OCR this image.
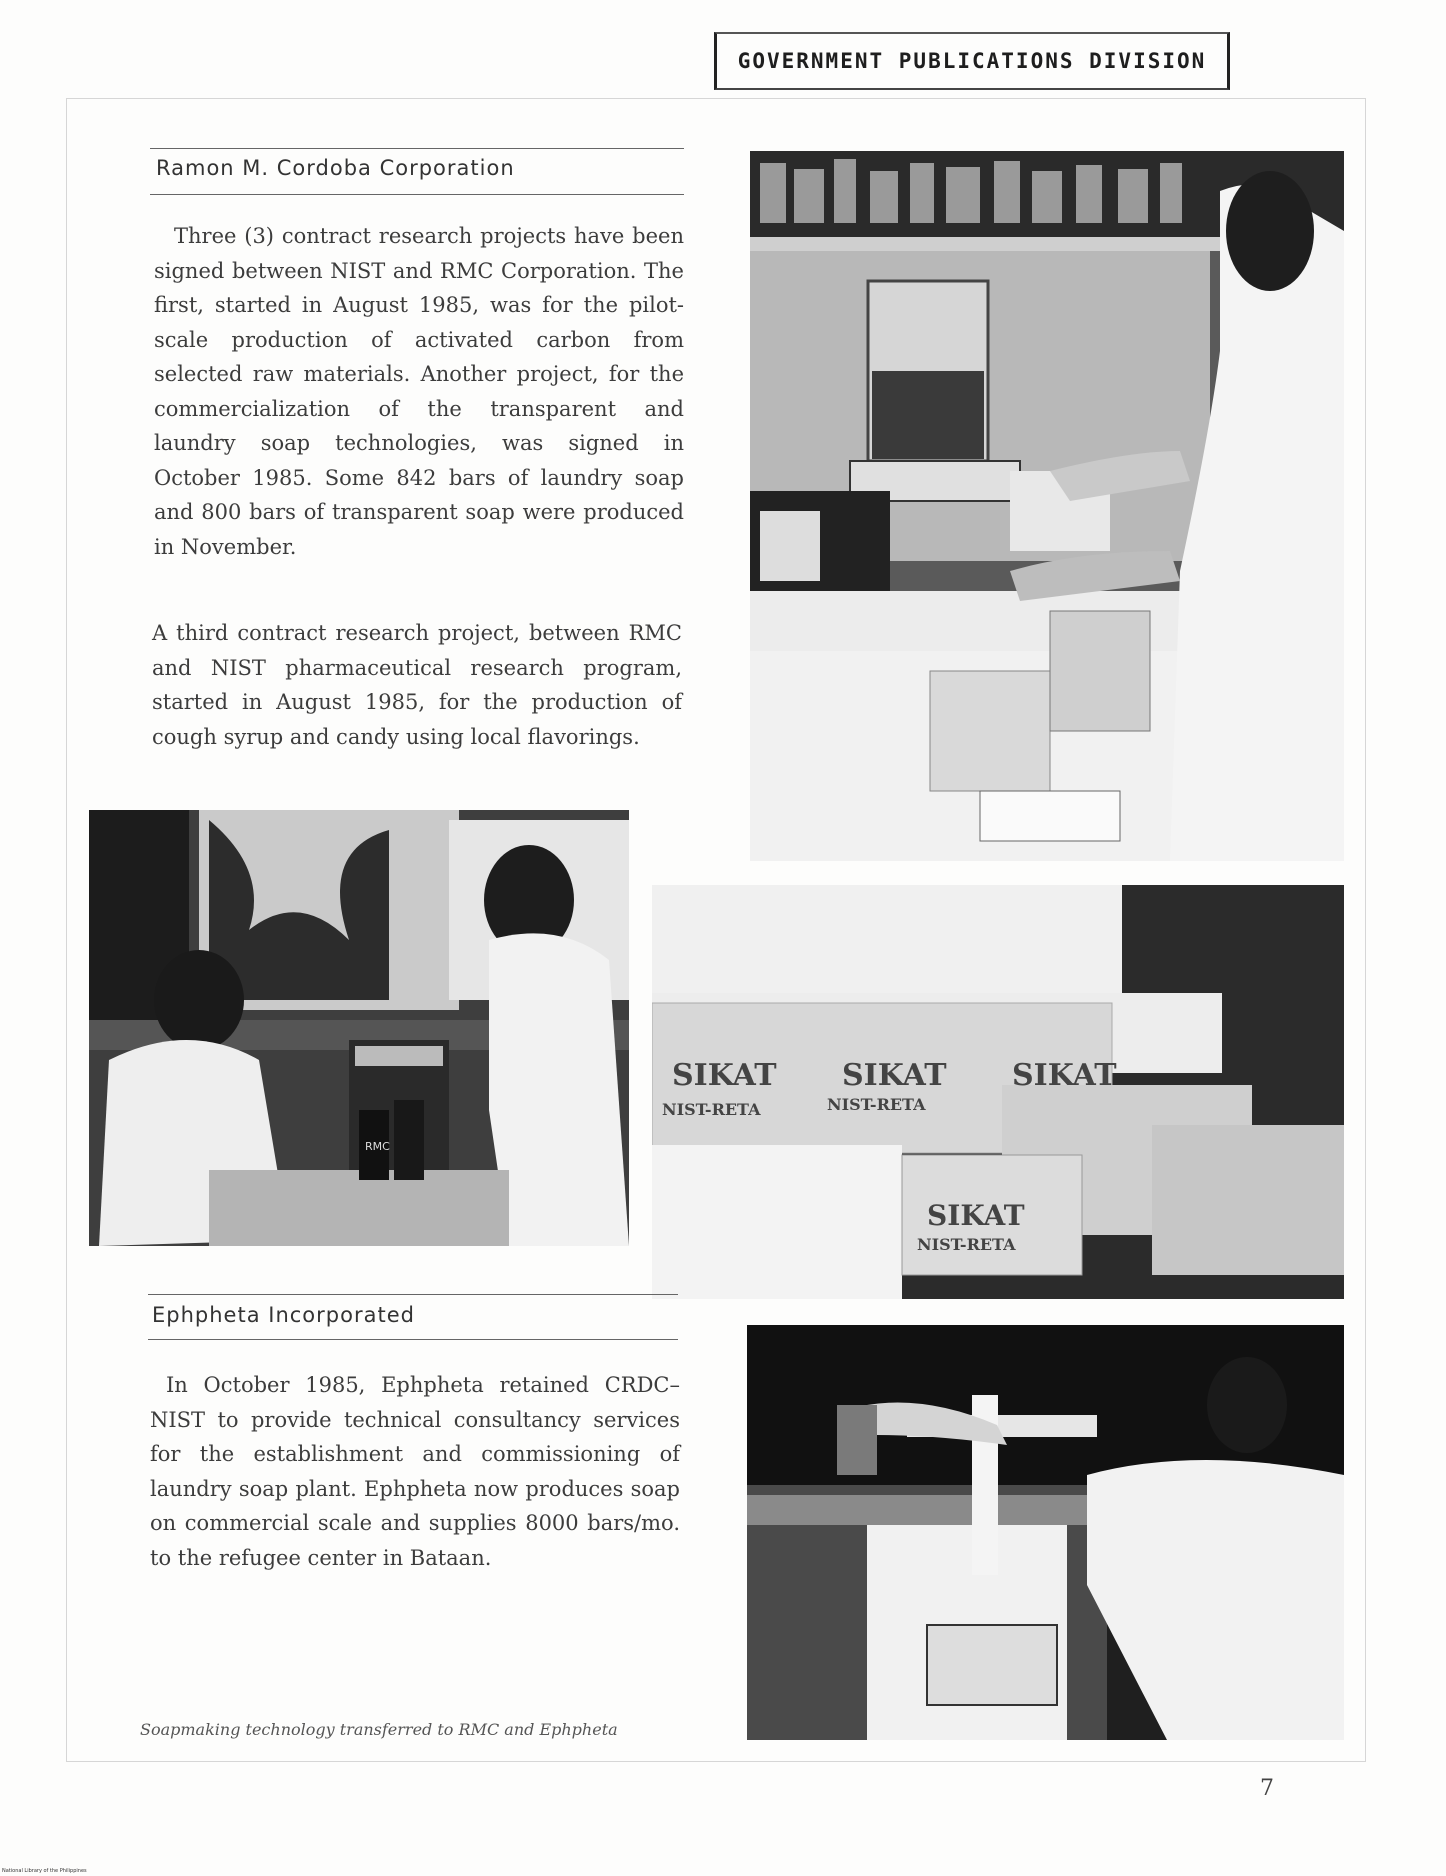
GOVERNMENT PUBLICATIONS DIVISION
Ramon M. Cordoba Corporation
Three (3) contract research projects have been signed between NIST and RMC Corporation. The first, started in August 1985, was for the pilot-scale production of activated carbon from selected raw materials. Another project, for the commercialization of the transparent and laundry soap technologies, was signed in October 1985. Some 842 bars of laundry soap and 800 bars of transparent soap were produced in November.
A third contract research project, between RMC and NIST pharmaceutical research program, started in August 1985, for the production of cough syrup and candy using local flavorings.
RMC
SIKAT
NIST-RETA
SIKAT
NIST-RETA
SIKAT
SIKAT
NIST-RETA
Ephpheta Incorporated
In October 1985, Ephpheta retained CRDC–NIST to provide technical consultancy services for the establishment and commissioning of laundry soap plant. Ephpheta now produces soap on commercial scale and supplies 8000 bars/mo. to the refugee center in Bataan.
Soapmaking technology transferred to RMC and Ephpheta
7
National Library of the Philippines
